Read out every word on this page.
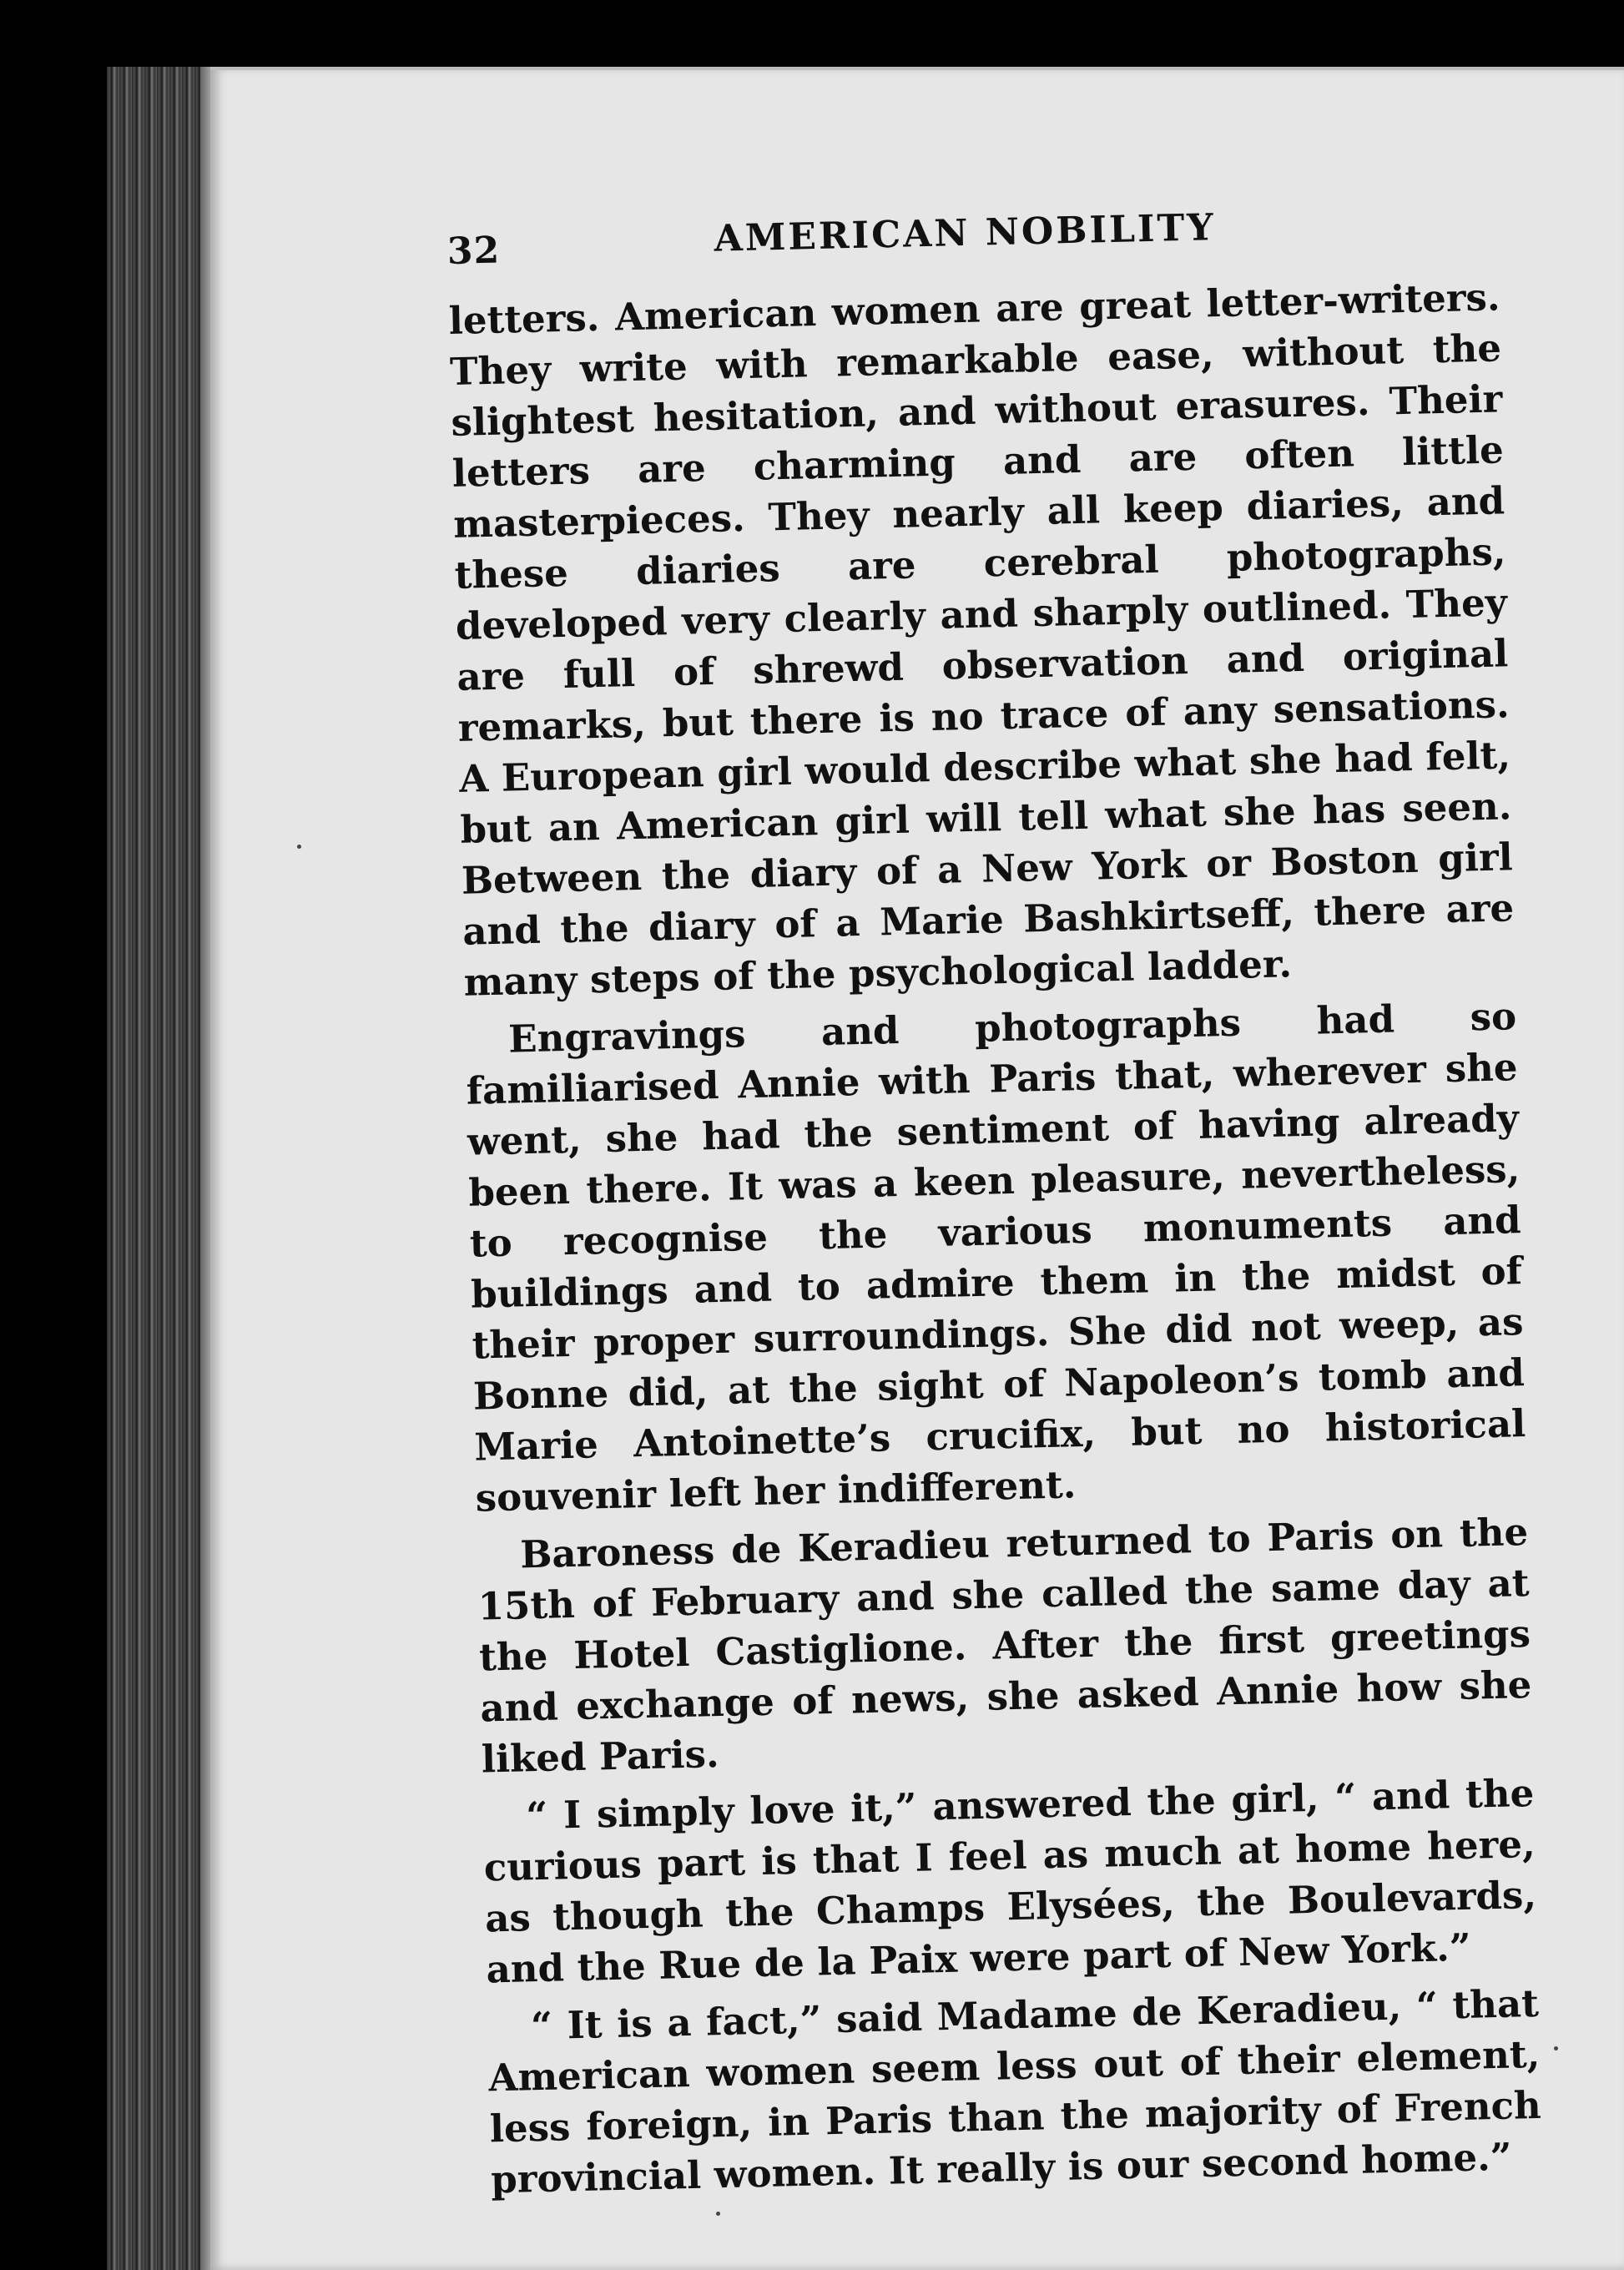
32	AMERICAN NOBILITY

letters. American women are great letter-writers. They write with remarkable ease, without the slightest hesitation, and without erasures. Their letters are charming and are often little masterpieces. They nearly all keep diaries, and these diaries are cerebral photographs, developed very clearly and sharply outlined. They are full of shrewd observation and original remarks, but there is no trace of any sensations. A European girl would describe what she had felt, but an American girl will tell what she has seen. Between the diary of a New York or Boston girl and the diary of a Marie Bashkirtseff, there are many steps of the psychological ladder.

Engravings and photographs had so familiarised Annie with Paris that, wherever she went, she had the sentiment of having already been there. It was a keen pleasure, nevertheless, to recognise the various monuments and buildings and to admire them in the midst of their proper surroundings. She did not weep, as Bonne did, at the sight of Napoleon’s tomb and Marie Antoinette’s crucifix, but no historical souvenir left her indifferent.

Baroness de Keradieu returned to Paris on the 15th of February and she called the same day at the Hotel Castiglione. After the first greetings and exchange of news, she asked Annie how she liked Paris.

“ I simply love it,” answered the girl, “ and the curious part is that I feel as much at home here, as though the Champs Elysées, the Boulevards, and the Rue de la Paix were part of New York.”

“ It is a fact,” said Madame de Keradieu, “ that American women seem less out of their element, less foreign, in Paris than the majority of French provincial women. It really is our second home.”
